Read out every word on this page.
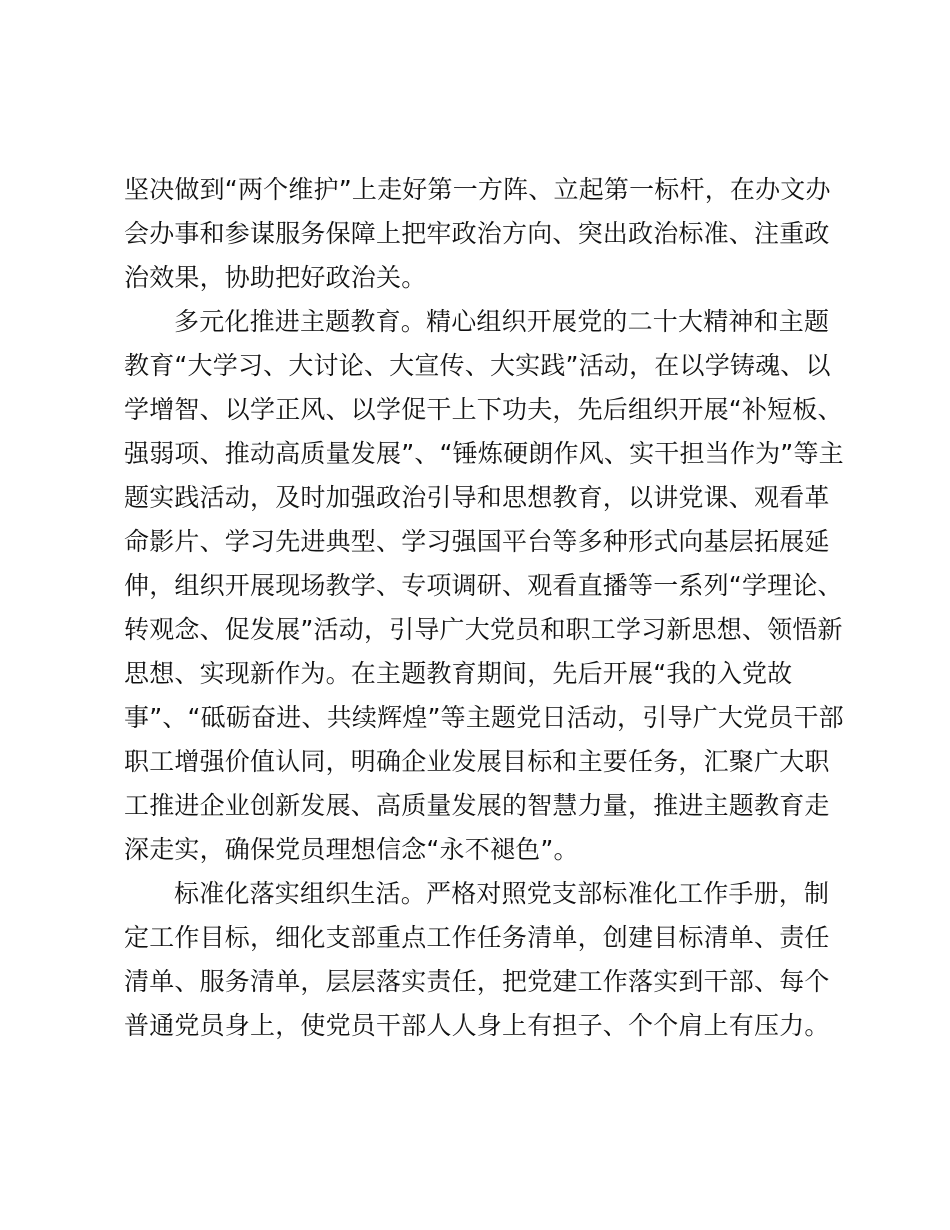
坚决做到“两个维护”上走好第一方阵、立起第一标杆，在办文办
会办事和参谋服务保障上把牢政治方向、突出政治标准、注重政
治效果，协助把好政治关。
多元化推进主题教育。精心组织开展党的二十大精神和主题
教育“大学习、大讨论、大宣传、大实践”活动，在以学铸魂、以
学增智、以学正风、以学促干上下功夫，先后组织开展“补短板、
强弱项、推动高质量发展”、“锤炼硬朗作风、实干担当作为”等主
题实践活动，及时加强政治引导和思想教育，以讲党课、观看革
命影片、学习先进典型、学习强国平台等多种形式向基层拓展延
伸，组织开展现场教学、专项调研、观看直播等一系列“学理论、
转观念、促发展”活动，引导广大党员和职工学习新思想、领悟新
思想、实现新作为。在主题教育期间，先后开展“我的入党故
事”、“砥砺奋进、共续辉煌”等主题党日活动，引导广大党员干部
职工增强价值认同，明确企业发展目标和主要任务，汇聚广大职
工推进企业创新发展、高质量发展的智慧力量，推进主题教育走
深走实，确保党员理想信念“永不褪色”。
标准化落实组织生活。严格对照党支部标准化工作手册，制
定工作目标，细化支部重点工作任务清单，创建目标清单、责任
清单、服务清单，层层落实责任，把党建工作落实到干部、每个
普通党员身上，使党员干部人人身上有担子、个个肩上有压力。
